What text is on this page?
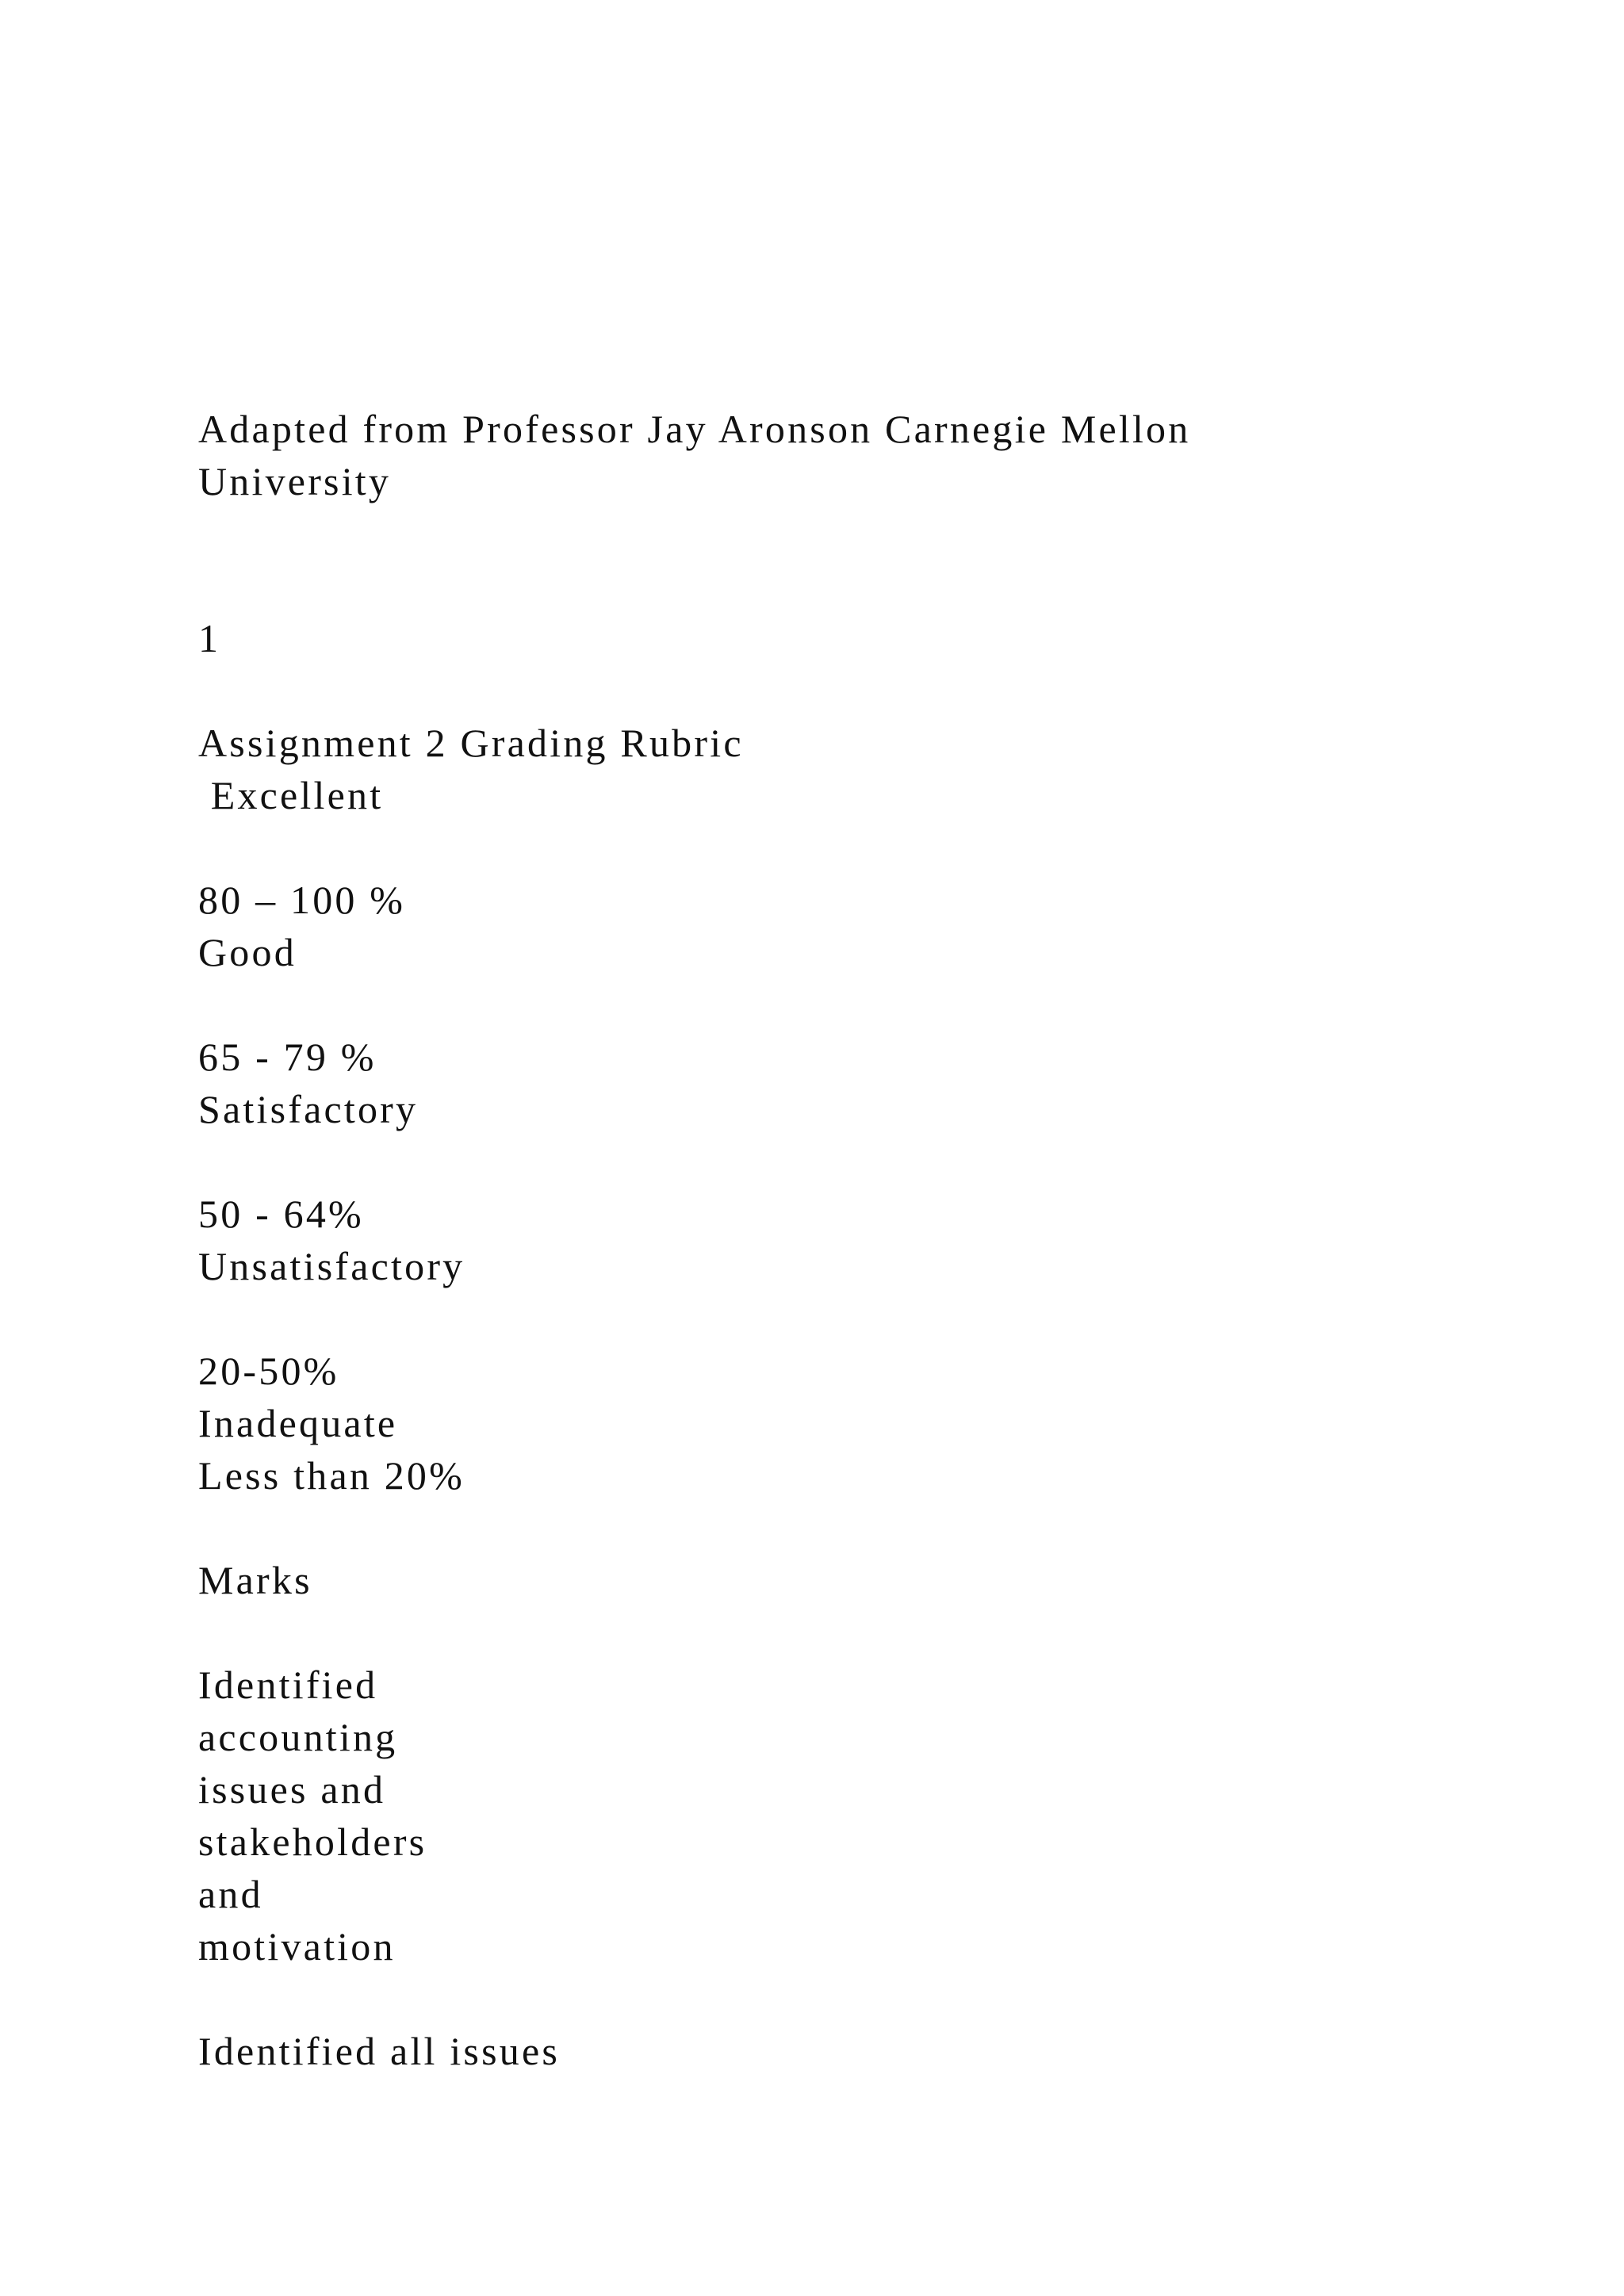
Adapted from Professor Jay Aronson Carnegie Mellon
University
1
Assignment 2 Grading Rubric
Excellent
80 – 100 %
Good
65 - 79 %
Satisfactory
50 - 64%
Unsatisfactory
20-50%
Inadequate
Less than 20%
Marks
Identified
accounting
issues and
stakeholders
and
motivation
Identified all issues
